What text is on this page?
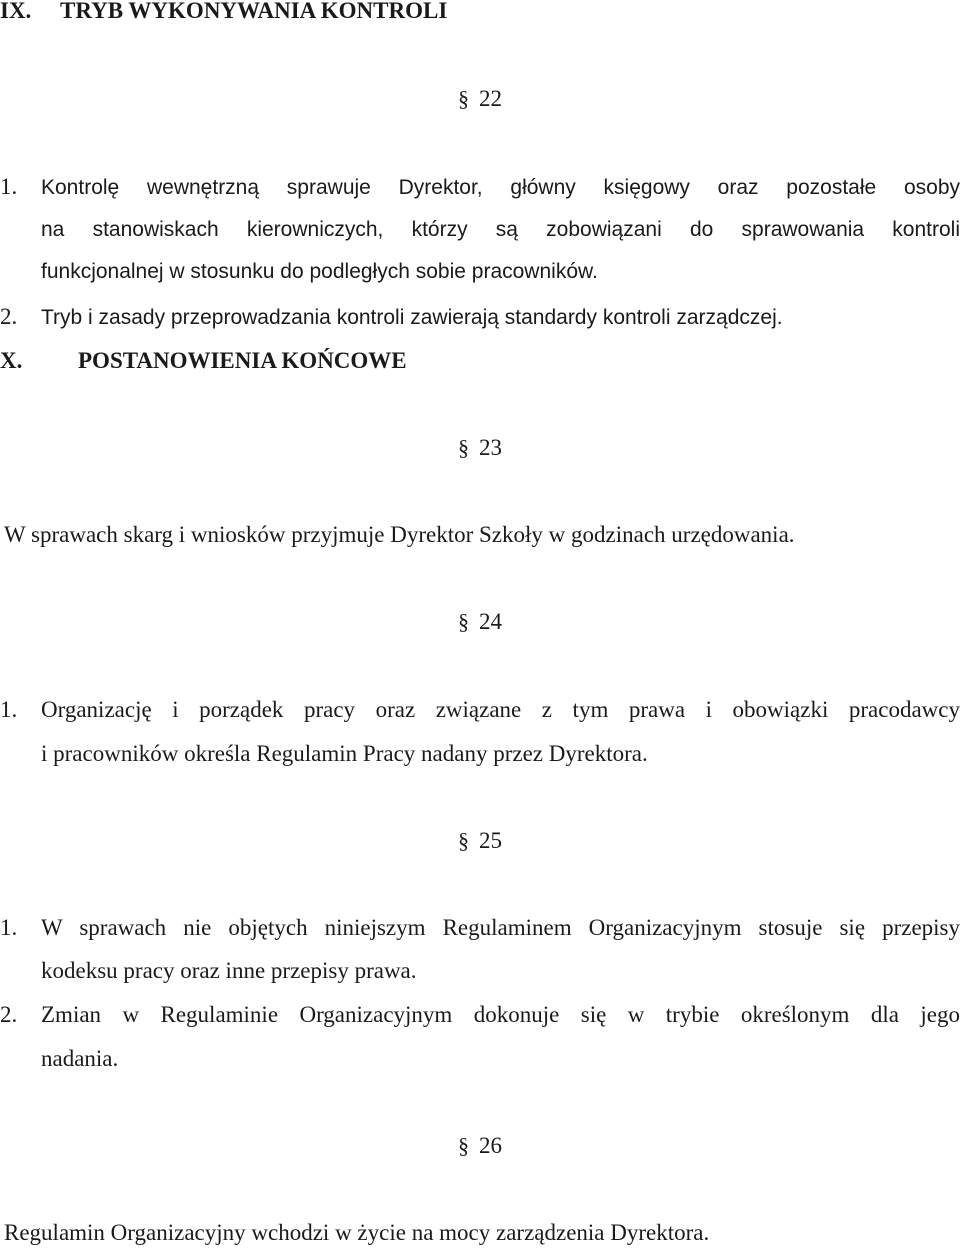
IX. TRYB WYKONYWANIA KONTROLI
§ 22
1. Kontrolę wewnętrzną sprawuje Dyrektor, główny księgowy oraz pozostałe osoby
na stanowiskach kierowniczych, którzy są zobowiązani do sprawowania kontroli
funkcjonalnej w stosunku do podległych sobie pracowników.
2. Tryb i zasady przeprowadzania kontroli zawierają standardy kontroli zarządczej.
X. POSTANOWIENIA KOŃCOWE
§ 23
W sprawach skarg i wniosków przyjmuje Dyrektor Szkoły w godzinach urzędowania.
§ 24
1. Organizację i porządek pracy oraz związane z tym prawa i obowiązki pracodawcy
i pracowników określa Regulamin Pracy nadany przez Dyrektora.
§ 25
1. W sprawach nie objętych niniejszym Regulaminem Organizacyjnym stosuje się przepisy
kodeksu pracy oraz inne przepisy prawa.
2. Zmian w Regulaminie Organizacyjnym dokonuje się w trybie określonym dla jego
nadania.
§ 26
Regulamin Organizacyjny wchodzi w życie na mocy zarządzenia Dyrektora.
